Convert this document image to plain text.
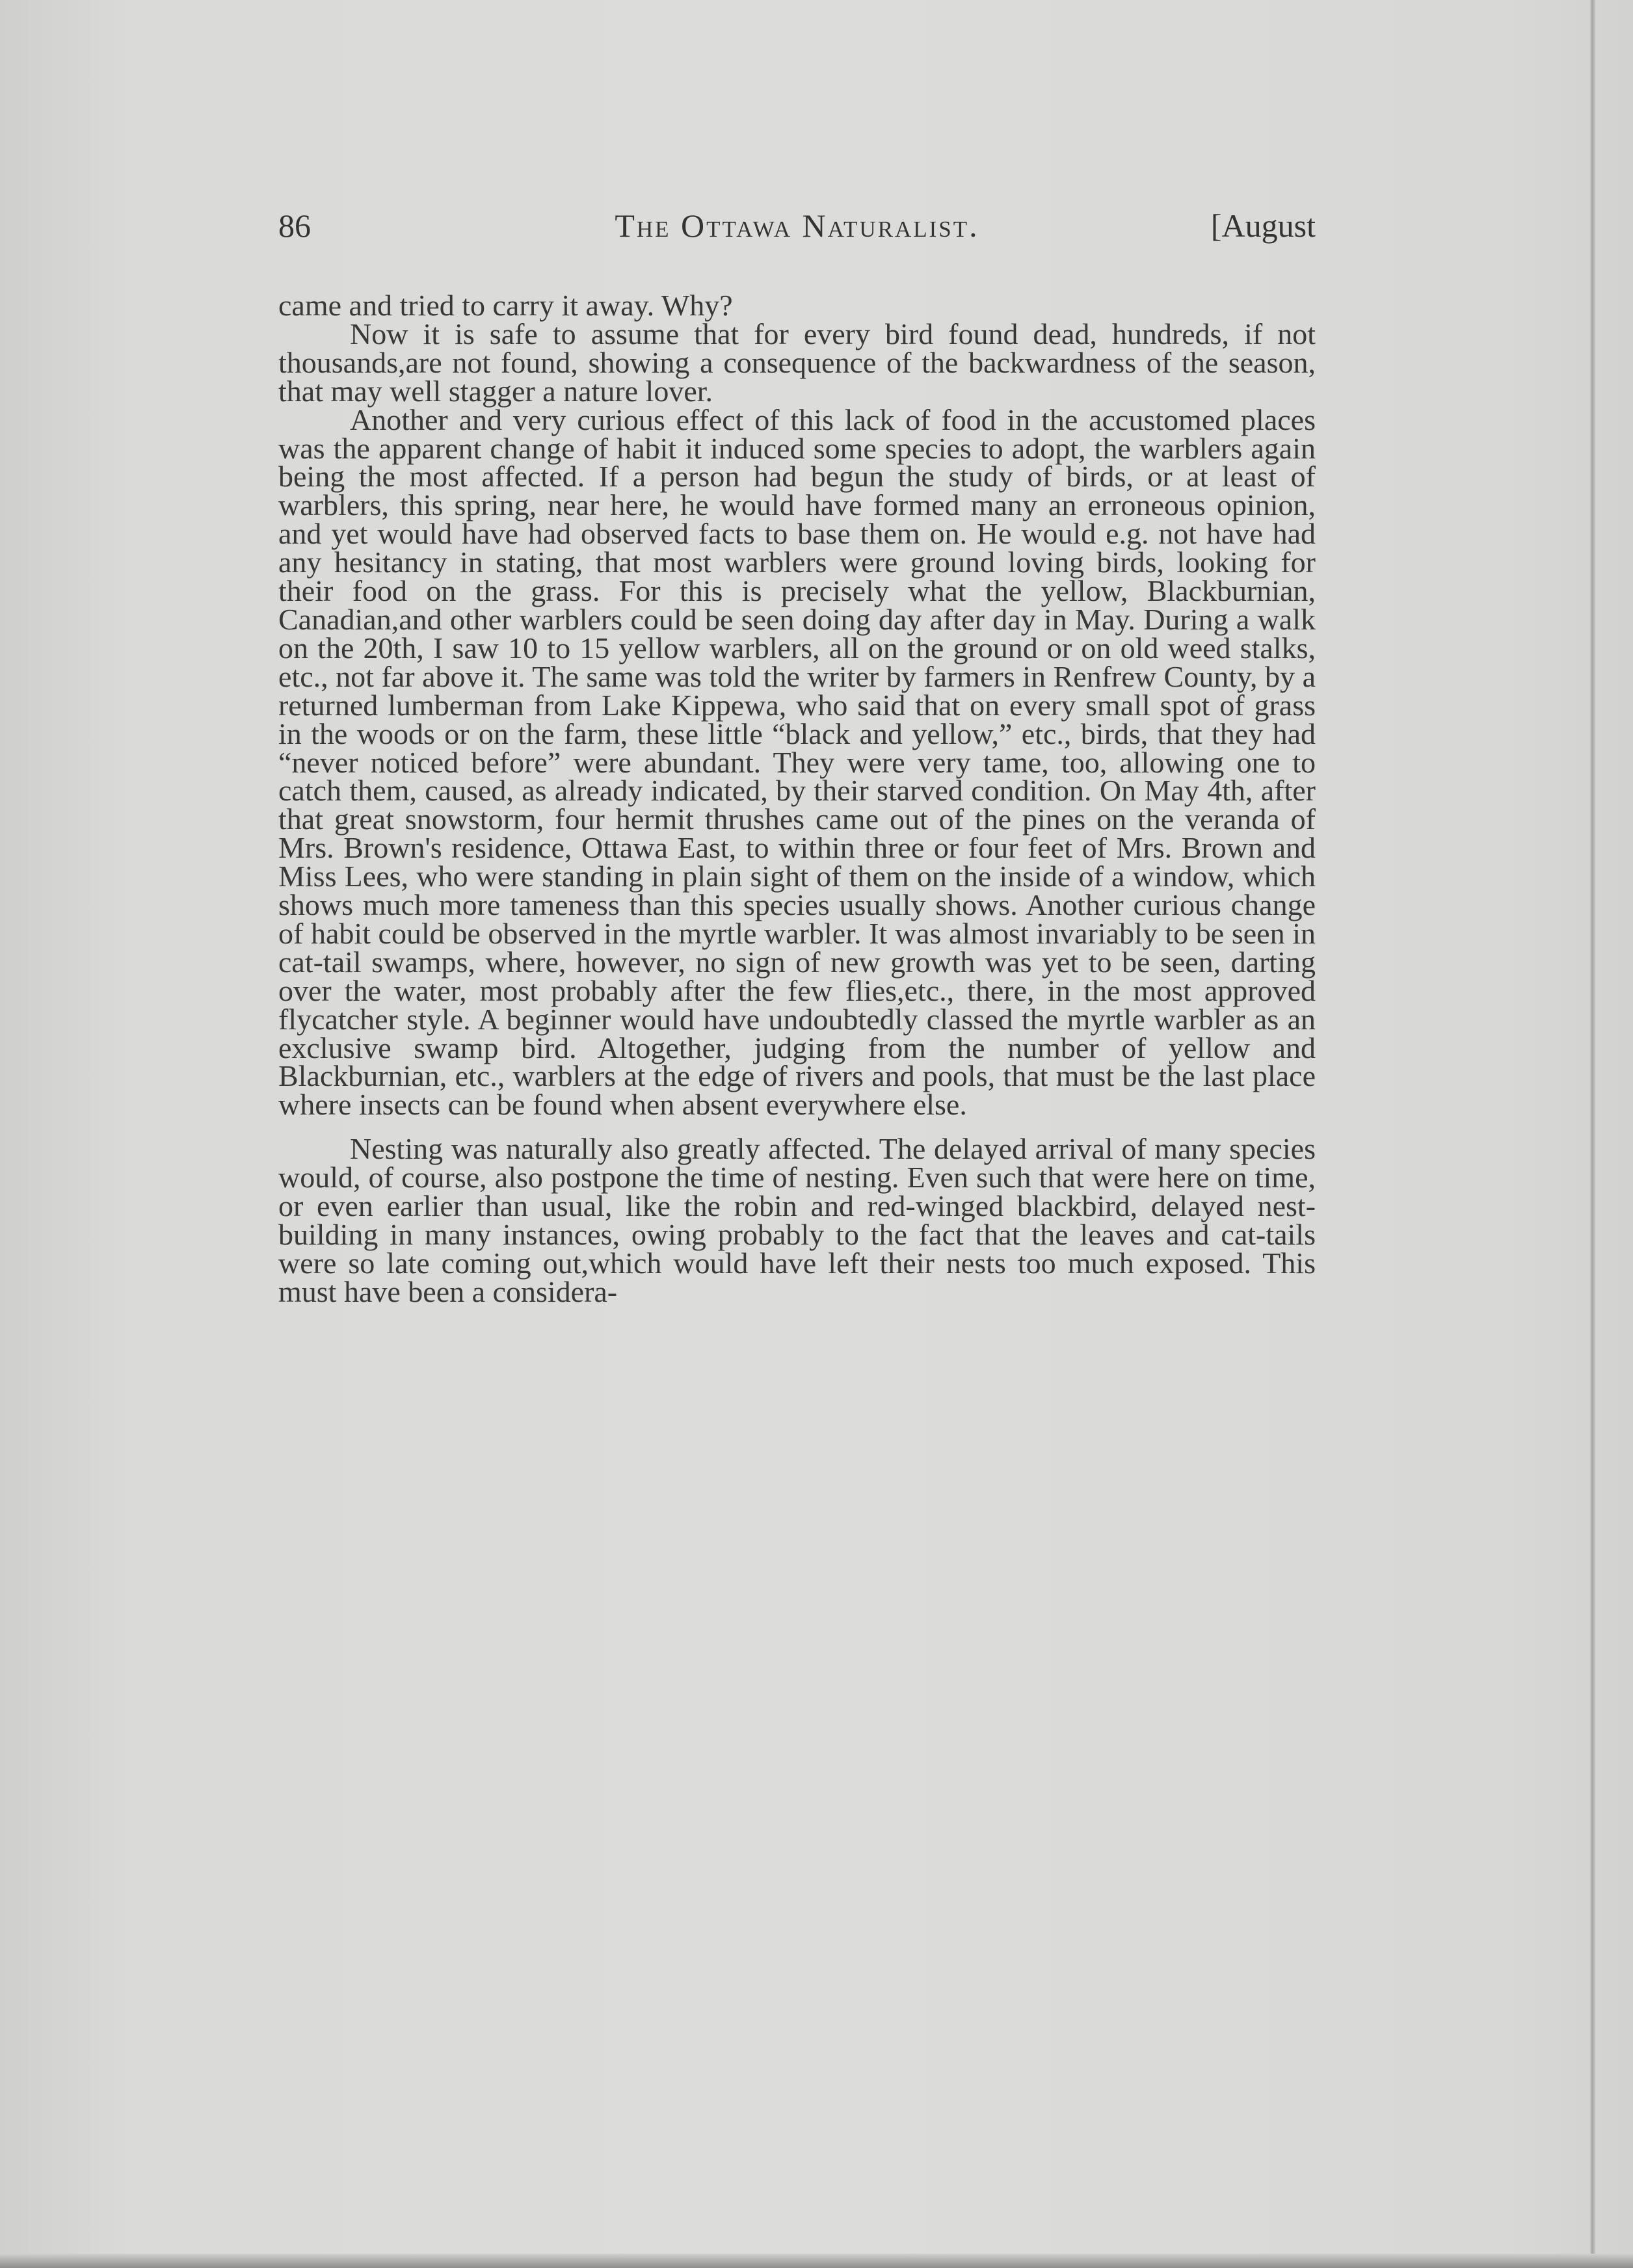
86	The Ottawa Naturalist.	[August

came and tried to carry it away. Why?

Now it is safe to assume that for every bird found dead, hundreds, if not thousands,are not found, showing a consequence of the backwardness of the season, that may well stagger a nature lover.

Another and very curious effect of this lack of food in the accustomed places was the apparent change of habit it induced some species to adopt, the warblers again being the most affected. If a person had begun the study of birds, or at least of warblers, this spring, near here, he would have formed many an erroneous opinion, and yet would have had observed facts to base them on. He would e.g. not have had any hesitancy in stating, that most warblers were ground loving birds, looking for their food on the grass. For this is precisely what the yellow, Blackburnian, Canadian,and other warblers could be seen doing day after day in May. During a walk on the 20th, I saw 10 to 15 yellow warblers, all on the ground or on old weed stalks, etc., not far above it. The same was told the writer by farmers in Renfrew County, by a returned lumberman from Lake Kippewa, who said that on every small spot of grass in the woods or on the farm, these little “black and yellow,” etc., birds, that they had “never noticed before” were abundant. They were very tame, too, allowing one to catch them, caused, as already indicated, by their starved condition. On May 4th, after that great snowstorm, four hermit thrushes came out of the pines on the veranda of Mrs. Brown's residence, Ottawa East, to within three or four feet of Mrs. Brown and Miss Lees, who were standing in plain sight of them on the inside of a window, which shows much more tameness than this species usually shows. Another curious change of habit could be observed in the myrtle warbler. It was almost invariably to be seen in cat-tail swamps, where, however, no sign of new growth was yet to be seen, darting over the water, most probably after the few flies,etc., there, in the most approved flycatcher style. A beginner would have undoubtedly classed the myrtle warbler as an exclusive swamp bird. Altogether, judging from the number of yellow and Blackburnian, etc., warblers at the edge of rivers and pools, that must be the last place where insects can be found when absent everywhere else.

Nesting was naturally also greatly affected. The delayed arrival of many species would, of course, also postpone the time of nesting. Even such that were here on time, or even earlier than usual, like the robin and red-winged blackbird, delayed nest-building in many instances, owing probably to the fact that the leaves and cat-tails were so late coming out,which would have left their nests too much exposed. This must have been a considera-
